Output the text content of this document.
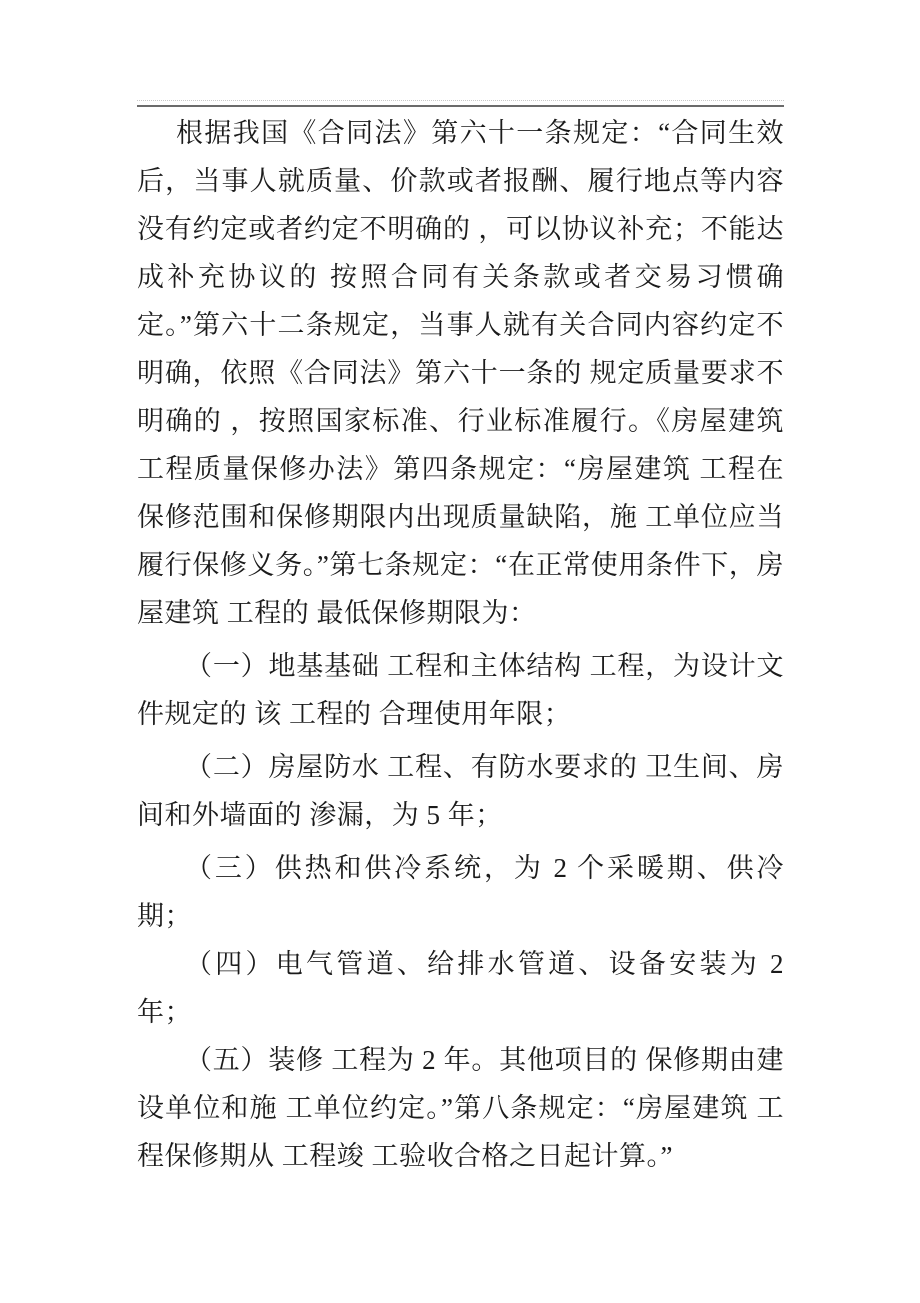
根据我国《合同法》第六十一条规定：“合同生效后，当事人就质量、价款或者报酬、履行地点等内容没有约定或者约定不明确的 ，可以协议补充；不能达成补充协议的 按照合同有关条款或者交易习惯确定。”第六十二条规定，当事人就有关合同内容约定不明确，依照《合同法》第六十一条的 规定质量要求不明确的 ，按照国家标准、行业标准履行。《房屋建筑 工程质量保修办法》第四条规定：“房屋建筑 工程在保修范围和保修期限内出现质量缺陷，施 工单位应当履行保修义务。”第七条规定：“在正常使用条件下，房屋建筑 工程的 最低保修期限为：

（一）地基基础 工程和主体结构 工程，为设计文件规定的 该 工程的 合理使用年限；

（二）房屋防水 工程、有防水要求的 卫生间、房间和外墙面的 渗漏，为 5 年；

（三）供热和供冷系统，为 2 个采暖期、供冷期；

（四）电气管道、给排水管道、设备安装为 2 年；

（五）装修 工程为 2 年。其他项目的 保修期由建设单位和施 工单位约定。”第八条规定：“房屋建筑 工程保修期从 工程竣 工验收合格之日起计算。”
